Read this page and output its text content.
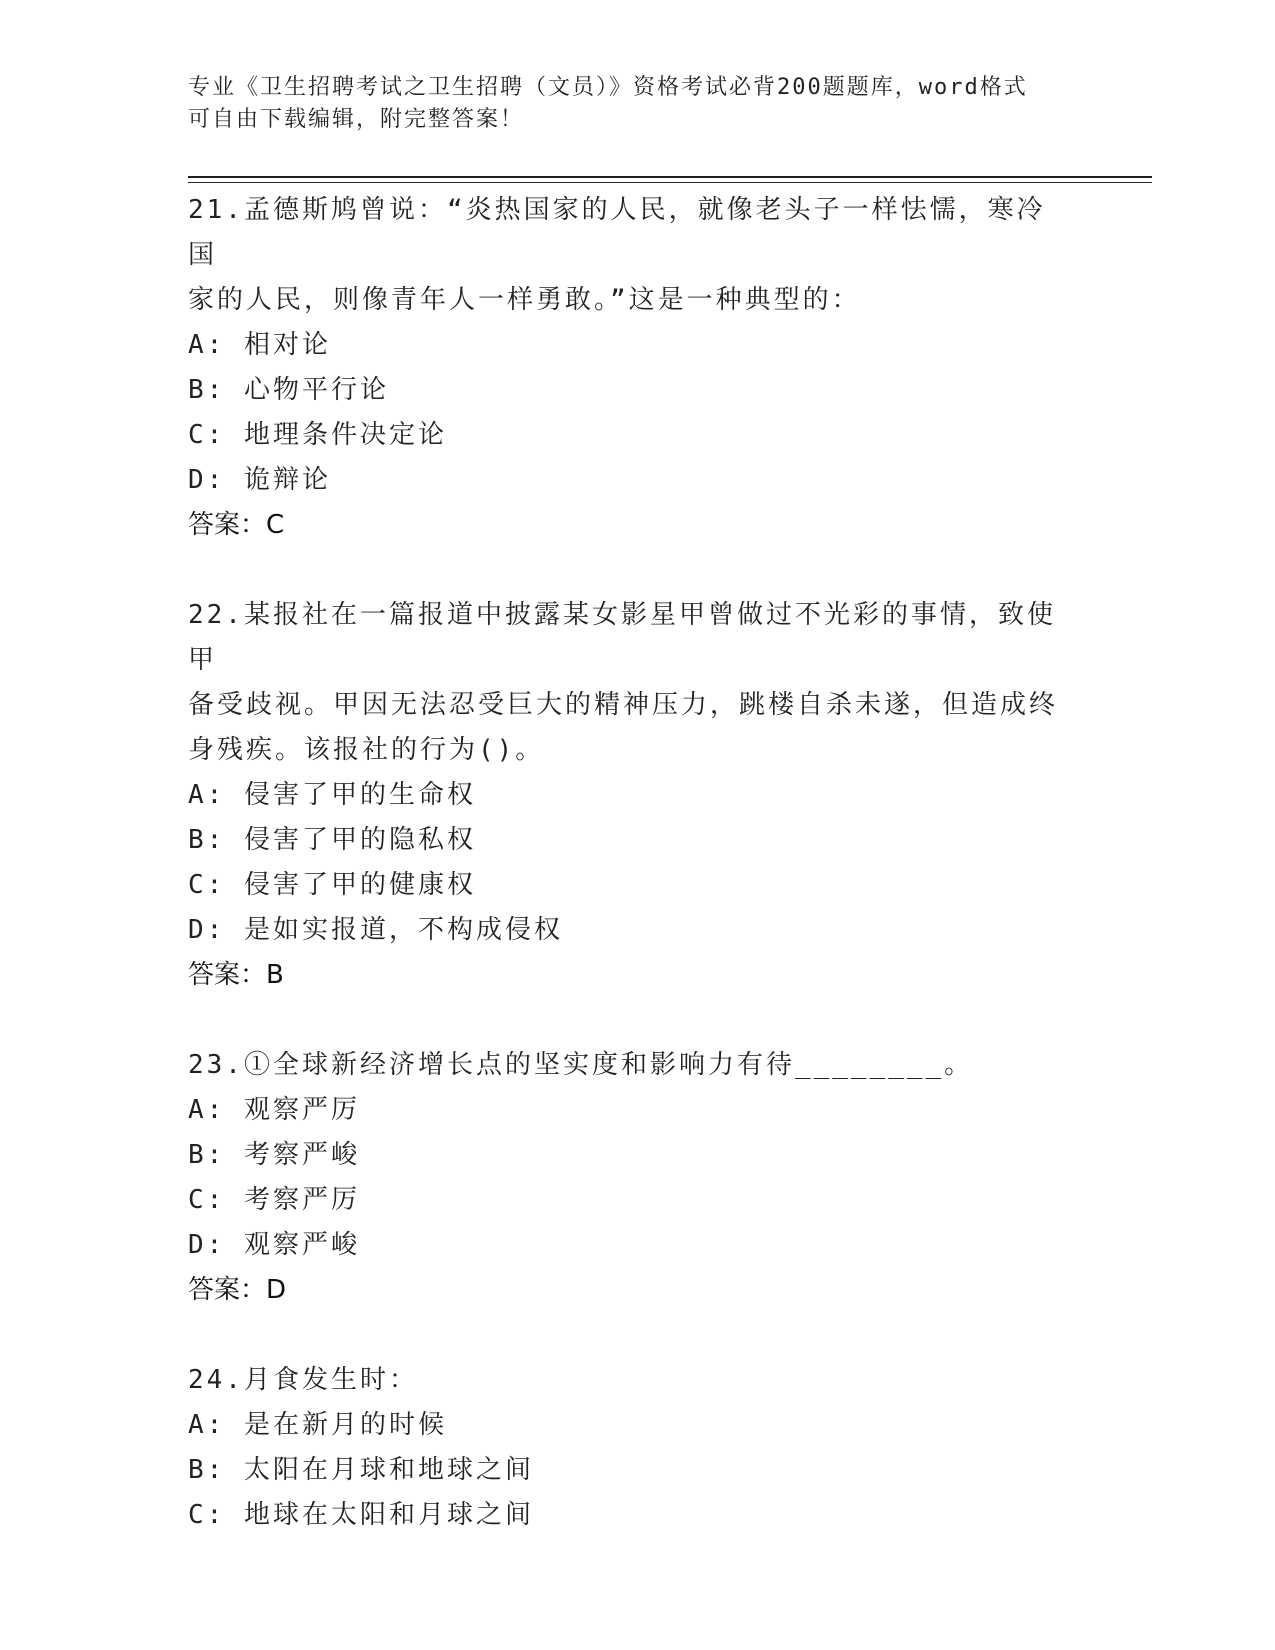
专业《卫生招聘考试之卫生招聘（文员）》资格考试必背200题题库，word格式
可自由下载编辑，附完整答案！
21.孟德斯鸠曾说：“炎热国家的人民，就像老头子一样怯懦，寒冷国
家的人民，则像青年人一样勇敢。”这是一种典型的：
A: 相对论
B: 心物平行论
C: 地理条件决定论
D: 诡辩论
答案：C
22.某报社在一篇报道中披露某女影星甲曾做过不光彩的事情，致使甲
备受歧视。甲因无法忍受巨大的精神压力，跳楼自杀未遂，但造成终
身残疾。该报社的行为()。
A: 侵害了甲的生命权
B: 侵害了甲的隐私权
C: 侵害了甲的健康权
D: 是如实报道，不构成侵权
答案：B
23.①全球新经济增长点的坚实度和影响力有待________。
A: 观察严厉
B: 考察严峻
C: 考察严厉
D: 观察严峻
答案：D
24.月食发生时：
A: 是在新月的时候
B: 太阳在月球和地球之间
C: 地球在太阳和月球之间
